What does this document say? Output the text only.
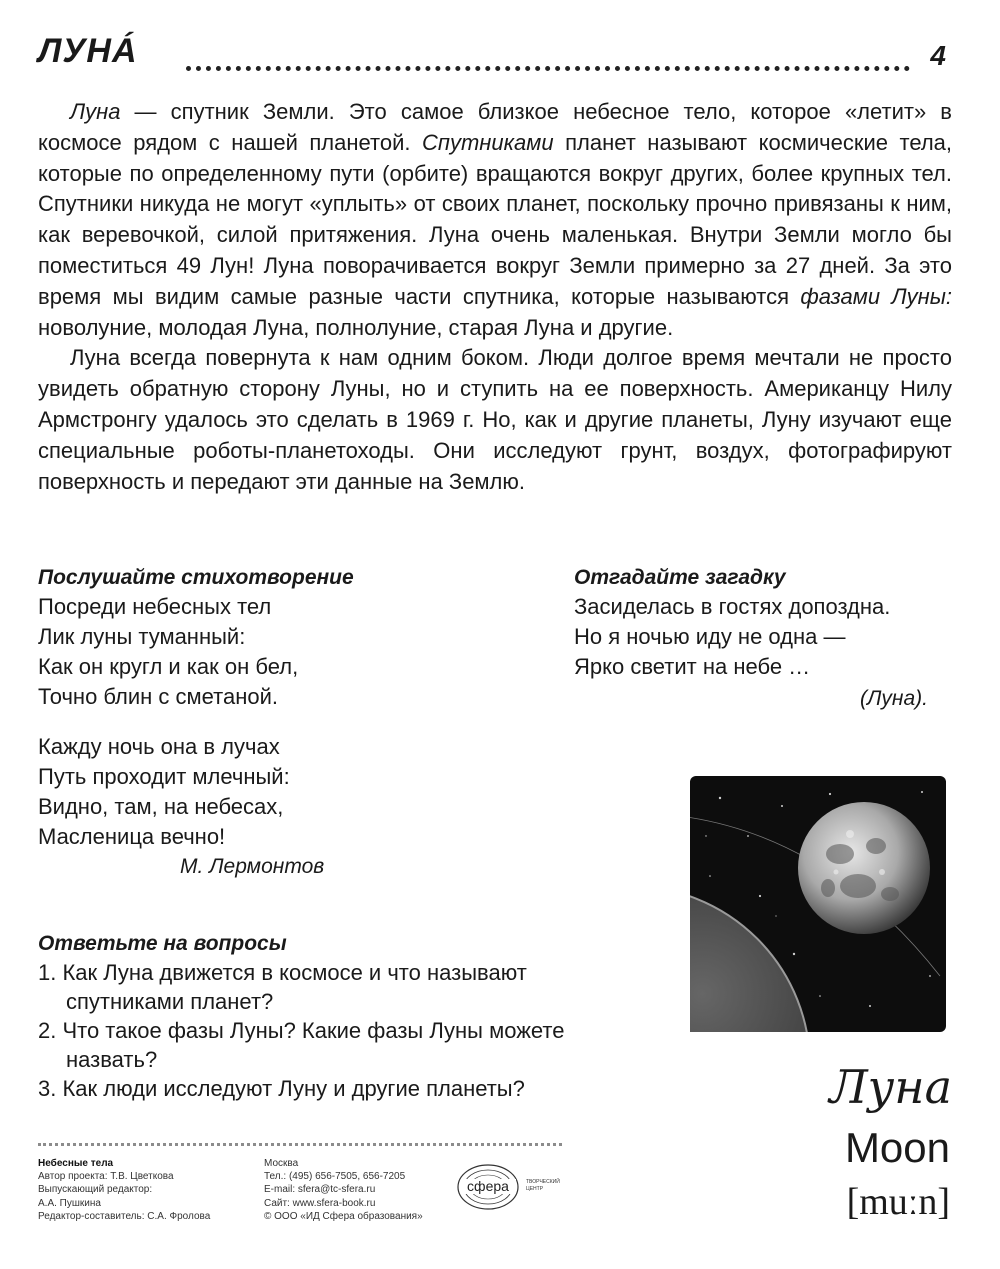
ЛУНÁ	4

Луна — спутник Земли. Это самое близкое небесное тело, которое «летит» в космосе рядом с нашей планетой. Спутниками планет называют космические тела, которые по определенному пути (орбите) вращаются вокруг других, более крупных тел. Спутники никуда не могут «уплыть» от своих планет, поскольку прочно привязаны к ним, как веревочкой, силой притяжения. Луна очень маленькая. Внутри Земли могло бы поместиться 49 Лун! Луна поворачивается вокруг Земли примерно за 27 дней. За это время мы видим самые разные части спутника, которые называются фазами Луны: новолуние, молодая Луна, полнолуние, старая Луна и другие.

Луна всегда повернута к нам одним боком. Люди долгое время мечтали не просто увидеть обратную сторону Луны, но и ступить на ее поверхность. Американцу Нилу Армстронгу удалось это сделать в 1969 г. Но, как и другие планеты, Луну изучают еще специальные роботы-планетоходы. Они исследуют грунт, воздух, фотографируют поверхность и передают эти данные на Землю.

Послушайте стихотворение

Посреди небесных тел

Лик луны туманный:

Как он кругл и как он бел,

Точно блин с сметаной.

Кажду ночь она в лучах

Путь проходит млечный:

Видно, там, на небесах,

Масленица вечно!

М. Лермонтов
Отгадайте загадку

Засиделась в гостях допоздна.

Но я ночью иду не одна —

Ярко светит на небе …

(Луна).
Ответьте на вопросы

1. Как Луна движется в космосе и что называют спутниками планет?

2. Что такое фазы Луны? Какие фазы Луны можете назвать?

3. Как люди исследуют Луну и другие планеты?	Луна
Moon
[muːn]
Небесные тела
Автор проекта: Т.В. Цветкова
Выпускающий редактор:
А.А. Пушкина
Редактор-составитель: С.А. Фролова
Москва
Тел.: (495) 656-7505, 656-7205
E-mail: sfera@tc-sfera.ru
Сайт: www.sfera-book.ru
© ООО «ИД Сфера образования»
сфера	ТВОРЧЕСКИЙ
ЦЕНТР
